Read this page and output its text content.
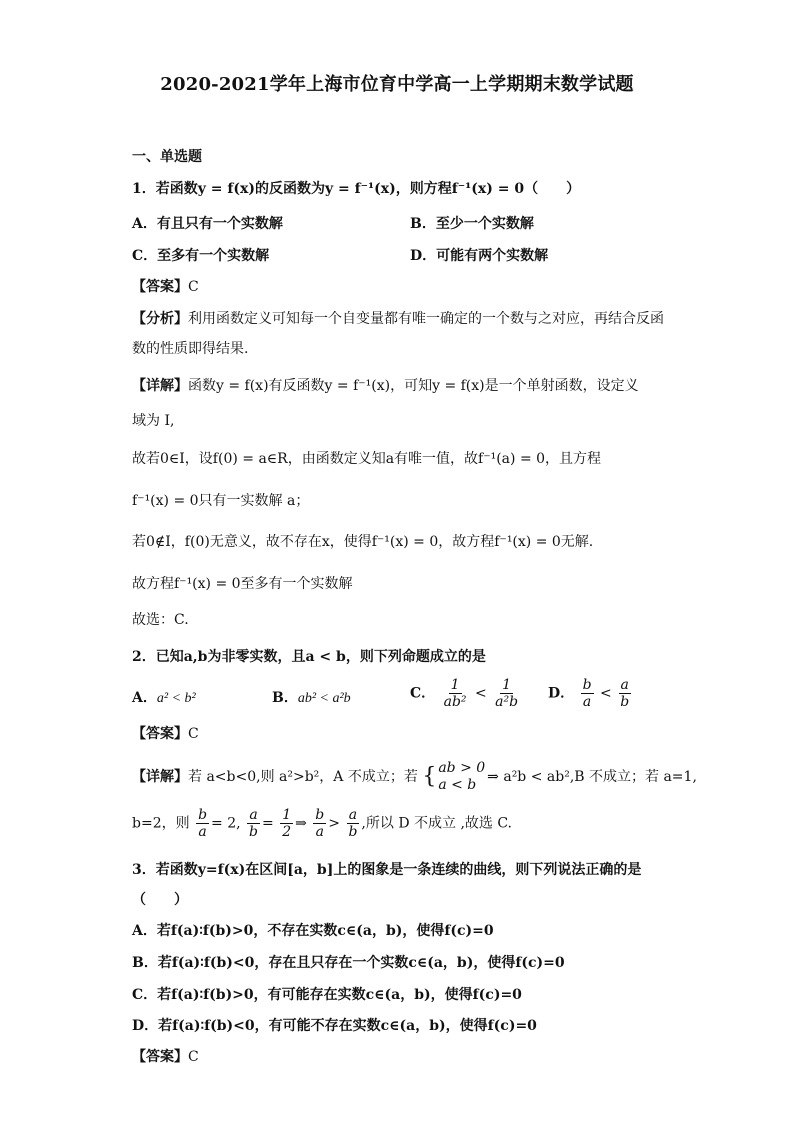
2020-2021学年上海市位育中学高一上学期期末数学试题
一、单选题
1．若函数y = f(x)的反函数为y = f⁻¹(x)，则方程f⁻¹(x) = 0（　　）
A．有且只有一个实数解	B．至少一个实数解
C．至多有一个实数解	D．可能有两个实数解
【答案】C
【分析】利用函数定义可知每一个自变量都有唯一确定的一个数与之对应，再结合反函
数的性质即得结果.
【详解】函数y = f(x)有反函数y = f⁻¹(x)，可知y = f(x)是一个单射函数，设定义
域为 I,
故若0∈I，设f(0) = a∈R，由函数定义知a有唯一值，故f⁻¹(a) = 0，且方程
f⁻¹(x) = 0只有一实数解 a；
若0∉I，f(0)无意义，故不存在x，使得f⁻¹(x) = 0，故方程f⁻¹(x) = 0无解.
故方程f⁻¹(x) = 0至多有一个实数解
故选：C.
2．已知a,b为非零实数，且a < b，则下列命题成立的是
A．a² < b²	B．ab² < a²b	C． $\frac{1}{\text{ab²}} < \frac{1}{\text{a²b}}$ D． $\frac{b}{a} < \frac{a}{b}$
【答案】C
【详解】若 a<b<0,则 a²>b²，A 不成立；若 { ab > 0
a < b ⇒ a²b < ab²,B 不成立；若 a=1,
b=2，则 $\frac{b}{a} = 2$, $\frac{a}{b} = \frac{1}{2}$ ⇒ $\frac{b}{a} > \frac{a}{b}$ ,所以 D 不成立 ,故选 C.
3．若函数y=f(x)在区间[a，b]上的图象是一条连续的曲线，则下列说法正确的是
（　　）
A．若f(a)∶f(b)>0，不存在实数c∈(a，b)，使得f(c)=0
B．若f(a)∶f(b)<0，存在且只存在一个实数c∈(a，b)，使得f(c)=0
C．若f(a)∶f(b)>0，有可能存在实数c∈(a，b)，使得f(c)=0
D．若f(a)∶f(b)<0，有可能不存在实数c∈(a，b)，使得f(c)=0
【答案】C
